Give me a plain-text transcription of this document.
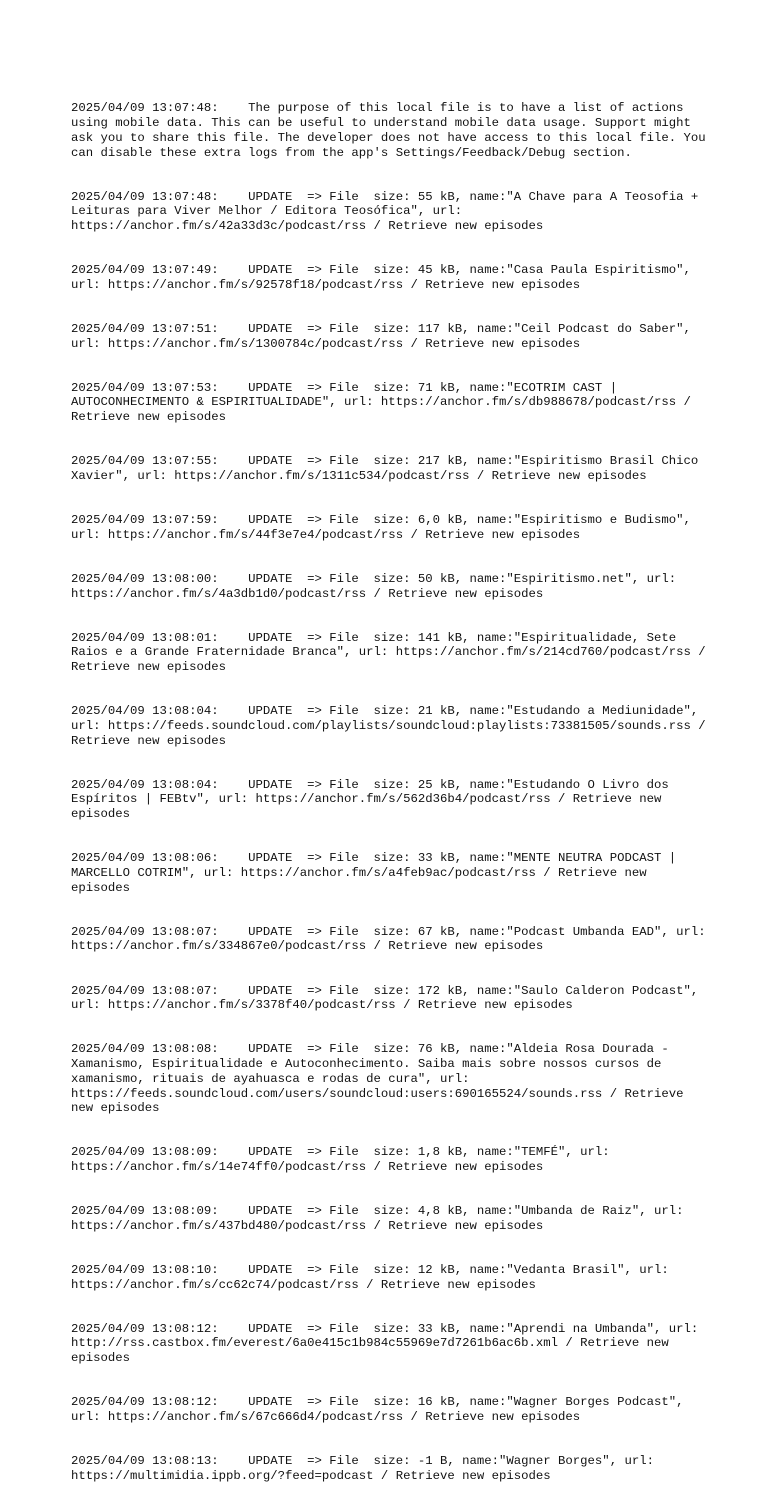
2025/04/09 13:07:48:    The purpose of this local file is to have a list of actions using mobile data. This can be useful to understand mobile data usage. Support might ask you to share this file. The developer does not have access to this local file. You can disable these extra logs from the app's Settings/Feedback/Debug section.

2025/04/09 13:07:48:    UPDATE  => File  size: 55 kB, name:"A Chave para A Teosofia + Leituras para Viver Melhor / Editora Teosófica", url: https://anchor.fm/s/42a33d3c/podcast/rss / Retrieve new episodes

2025/04/09 13:07:49:    UPDATE  => File  size: 45 kB, name:"Casa Paula Espiritismo", url: https://anchor.fm/s/92578f18/podcast/rss / Retrieve new episodes

2025/04/09 13:07:51:    UPDATE  => File  size: 117 kB, name:"Ceil Podcast do Saber", url: https://anchor.fm/s/1300784c/podcast/rss / Retrieve new episodes

2025/04/09 13:07:53:    UPDATE  => File  size: 71 kB, name:"ECOTRIM CAST | AUTOCONHECIMENTO & ESPIRITUALIDADE", url: https://anchor.fm/s/db988678/podcast/rss / Retrieve new episodes

2025/04/09 13:07:55:    UPDATE  => File  size: 217 kB, name:"Espiritismo Brasil Chico Xavier", url: https://anchor.fm/s/1311c534/podcast/rss / Retrieve new episodes

2025/04/09 13:07:59:    UPDATE  => File  size: 6,0 kB, name:"Espiritismo e Budismo", url: https://anchor.fm/s/44f3e7e4/podcast/rss / Retrieve new episodes

2025/04/09 13:08:00:    UPDATE  => File  size: 50 kB, name:"Espiritismo.net", url: https://anchor.fm/s/4a3db1d0/podcast/rss / Retrieve new episodes

2025/04/09 13:08:01:    UPDATE  => File  size: 141 kB, name:"Espiritualidade, Sete Raios e a Grande Fraternidade Branca", url: https://anchor.fm/s/214cd760/podcast/rss / Retrieve new episodes

2025/04/09 13:08:04:    UPDATE  => File  size: 21 kB, name:"Estudando a Mediunidade", url: https://feeds.soundcloud.com/playlists/soundcloud:playlists:73381505/sounds.rss / Retrieve new episodes

2025/04/09 13:08:04:    UPDATE  => File  size: 25 kB, name:"Estudando O Livro dos Espíritos | FEBtv", url: https://anchor.fm/s/562d36b4/podcast/rss / Retrieve new episodes

2025/04/09 13:08:06:    UPDATE  => File  size: 33 kB, name:"MENTE NEUTRA PODCAST | MARCELLO COTRIM", url: https://anchor.fm/s/a4feb9ac/podcast/rss / Retrieve new episodes

2025/04/09 13:08:07:    UPDATE  => File  size: 67 kB, name:"Podcast Umbanda EAD", url: https://anchor.fm/s/334867e0/podcast/rss / Retrieve new episodes

2025/04/09 13:08:07:    UPDATE  => File  size: 172 kB, name:"Saulo Calderon Podcast", url: https://anchor.fm/s/3378f40/podcast/rss / Retrieve new episodes

2025/04/09 13:08:08:    UPDATE  => File  size: 76 kB, name:"Aldeia Rosa Dourada - Xamanismo, Espiritualidade e Autoconhecimento. Saiba mais sobre nossos cursos de xamanismo, rituais de ayahuasca e rodas de cura", url: https://feeds.soundcloud.com/users/soundcloud:users:690165524/sounds.rss / Retrieve new episodes

2025/04/09 13:08:09:    UPDATE  => File  size: 1,8 kB, name:"TEMFÉ", url: https://anchor.fm/s/14e74ff0/podcast/rss / Retrieve new episodes

2025/04/09 13:08:09:    UPDATE  => File  size: 4,8 kB, name:"Umbanda de Raiz", url: https://anchor.fm/s/437bd480/podcast/rss / Retrieve new episodes

2025/04/09 13:08:10:    UPDATE  => File  size: 12 kB, name:"Vedanta Brasil", url: https://anchor.fm/s/cc62c74/podcast/rss / Retrieve new episodes

2025/04/09 13:08:12:    UPDATE  => File  size: 33 kB, name:"Aprendi na Umbanda", url: http://rss.castbox.fm/everest/6a0e415c1b984c55969e7d7261b6ac6b.xml / Retrieve new episodes

2025/04/09 13:08:12:    UPDATE  => File  size: 16 kB, name:"Wagner Borges Podcast", url: https://anchor.fm/s/67c666d4/podcast/rss / Retrieve new episodes

2025/04/09 13:08:13:    UPDATE  => File  size: -1 B, name:"Wagner Borges", url: https://multimidia.ippb.org/?feed=podcast / Retrieve new episodes
